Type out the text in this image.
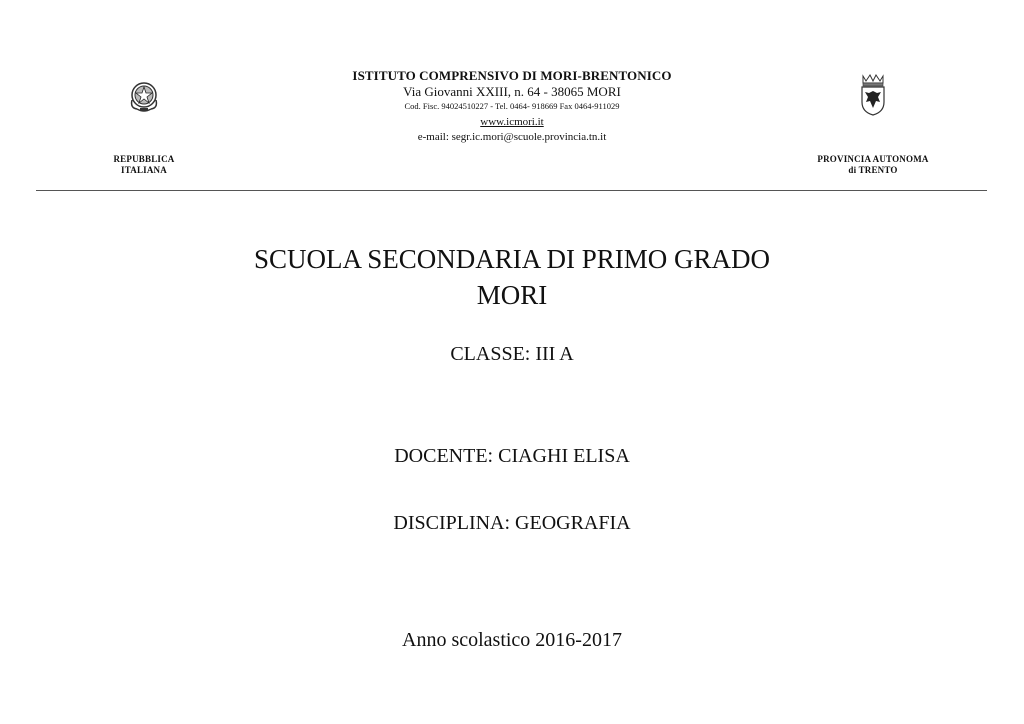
REPUBBLICA
ITALIANA
PROVINCIA AUTONOMA
di TRENTO
ISTITUTO COMPRENSIVO DI MORI-BRENTONICO
Via Giovanni XXIII, n. 64 - 38065 MORI
Cod. Fisc. 94024510227 - Tel. 0464- 918669 Fax 0464-911029
www.icmori.it
e-mail: segr.ic.mori@scuole.provincia.tn.it
SCUOLA SECONDARIA DI PRIMO GRADO
MORI
CLASSE: III A
DOCENTE: CIAGHI ELISA
DISCIPLINA: GEOGRAFIA
Anno scolastico 2016-2017
